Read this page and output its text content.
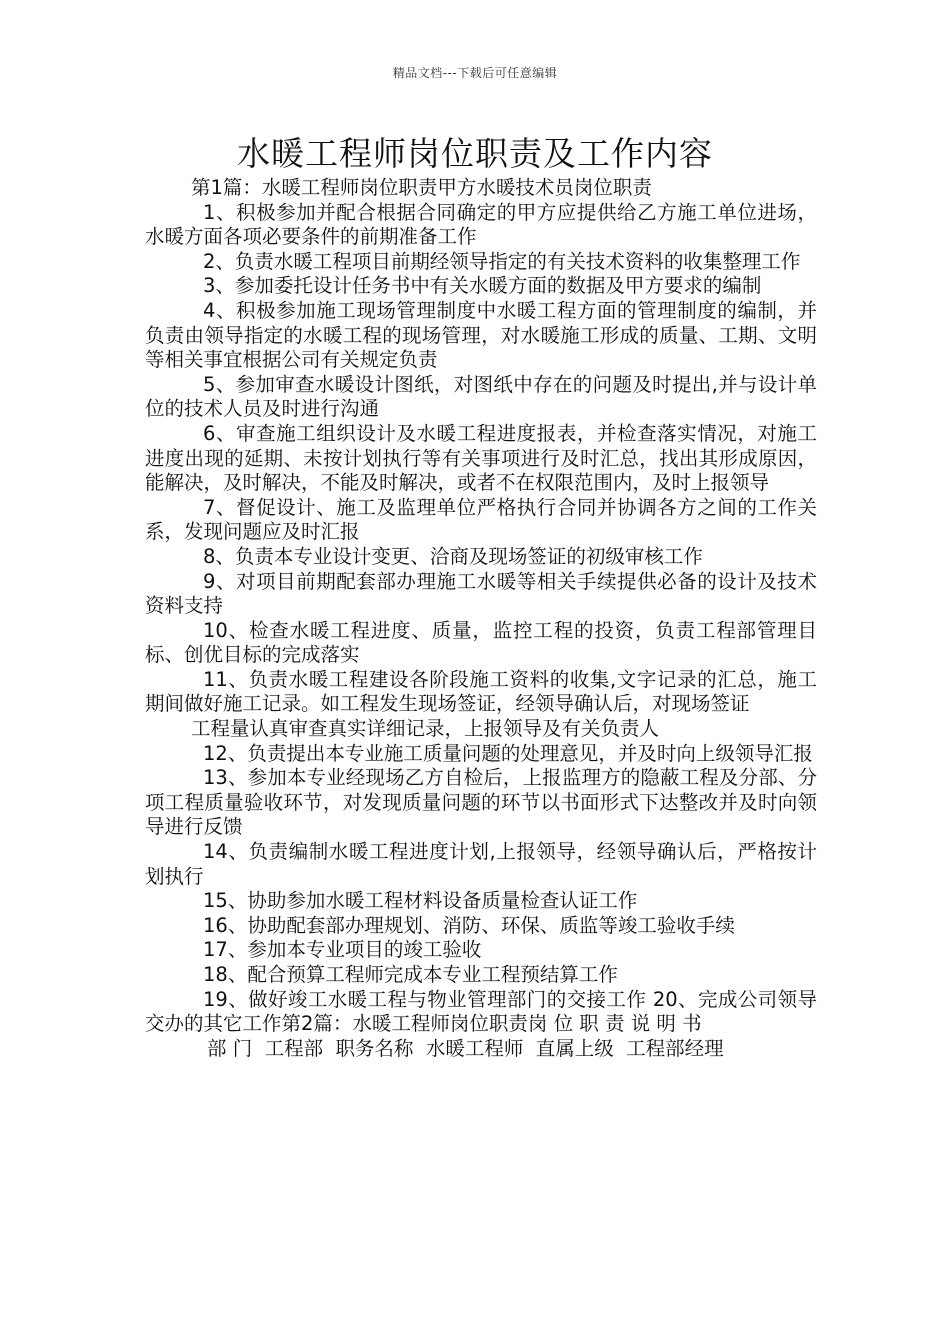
精品文档---下载后可任意编辑
水暖工程师岗位职责及工作内容

第1篇：水暖工程师岗位职责甲方水暖技术员岗位职责

1、积极参加并配合根据合同确定的甲方应提供给乙方施工单位进场，水暖方面各项必要条件的前期准备工作

2、负责水暖工程项目前期经领导指定的有关技术资料的收集整理工作

3、参加委托设计任务书中有关水暖方面的数据及甲方要求的编制

4、积极参加施工现场管理制度中水暖工程方面的管理制度的编制，并负责由领导指定的水暖工程的现场管理，对水暖施工形成的质量、工期、文明等相关事宜根据公司有关规定负责

5、参加审查水暖设计图纸，对图纸中存在的问题及时提出,并与设计单位的技术人员及时进行沟通

6、审查施工组织设计及水暖工程进度报表，并检查落实情况，对施工进度出现的延期、未按计划执行等有关事项进行及时汇总，找出其形成原因，能解决，及时解决，不能及时解决，或者不在权限范围内，及时上报领导

7、督促设计、施工及监理单位严格执行合同并协调各方之间的工作关系，发现问题应及时汇报

8、负责本专业设计变更、洽商及现场签证的初级审核工作

9、对项目前期配套部办理施工水暖等相关手续提供必备的设计及技术资料支持

10、检查水暖工程进度、质量，监控工程的投资，负责工程部管理目标、创优目标的完成落实

11、负责水暖工程建设各阶段施工资料的收集,文字记录的汇总，施工期间做好施工记录。如工程发生现场签证，经领导确认后，对现场签证

工程量认真审查真实详细记录，上报领导及有关负责人

12、负责提出本专业施工质量问题的处理意见，并及时向上级领导汇报

13、参加本专业经现场乙方自检后，上报监理方的隐蔽工程及分部、分项工程质量验收环节，对发现质量问题的环节以书面形式下达整改并及时向领导进行反馈

14、负责编制水暖工程进度计划,上报领导，经领导确认后，严格按计划执行

15、协助参加水暖工程材料设备质量检查认证工作

16、协助配套部办理规划、消防、环保、质监等竣工验收手续

17、参加本专业项目的竣工验收

18、配合预算工程师完成本专业工程预结算工作

19、做好竣工水暖工程与物业管理部门的交接工作 20、完成公司领导交办的其它工作第2篇：水暖工程师岗位职责岗 位 职 责 说 明 书

部 门  工程部  职务名称  水暖工程师  直属上级  工程部经理
